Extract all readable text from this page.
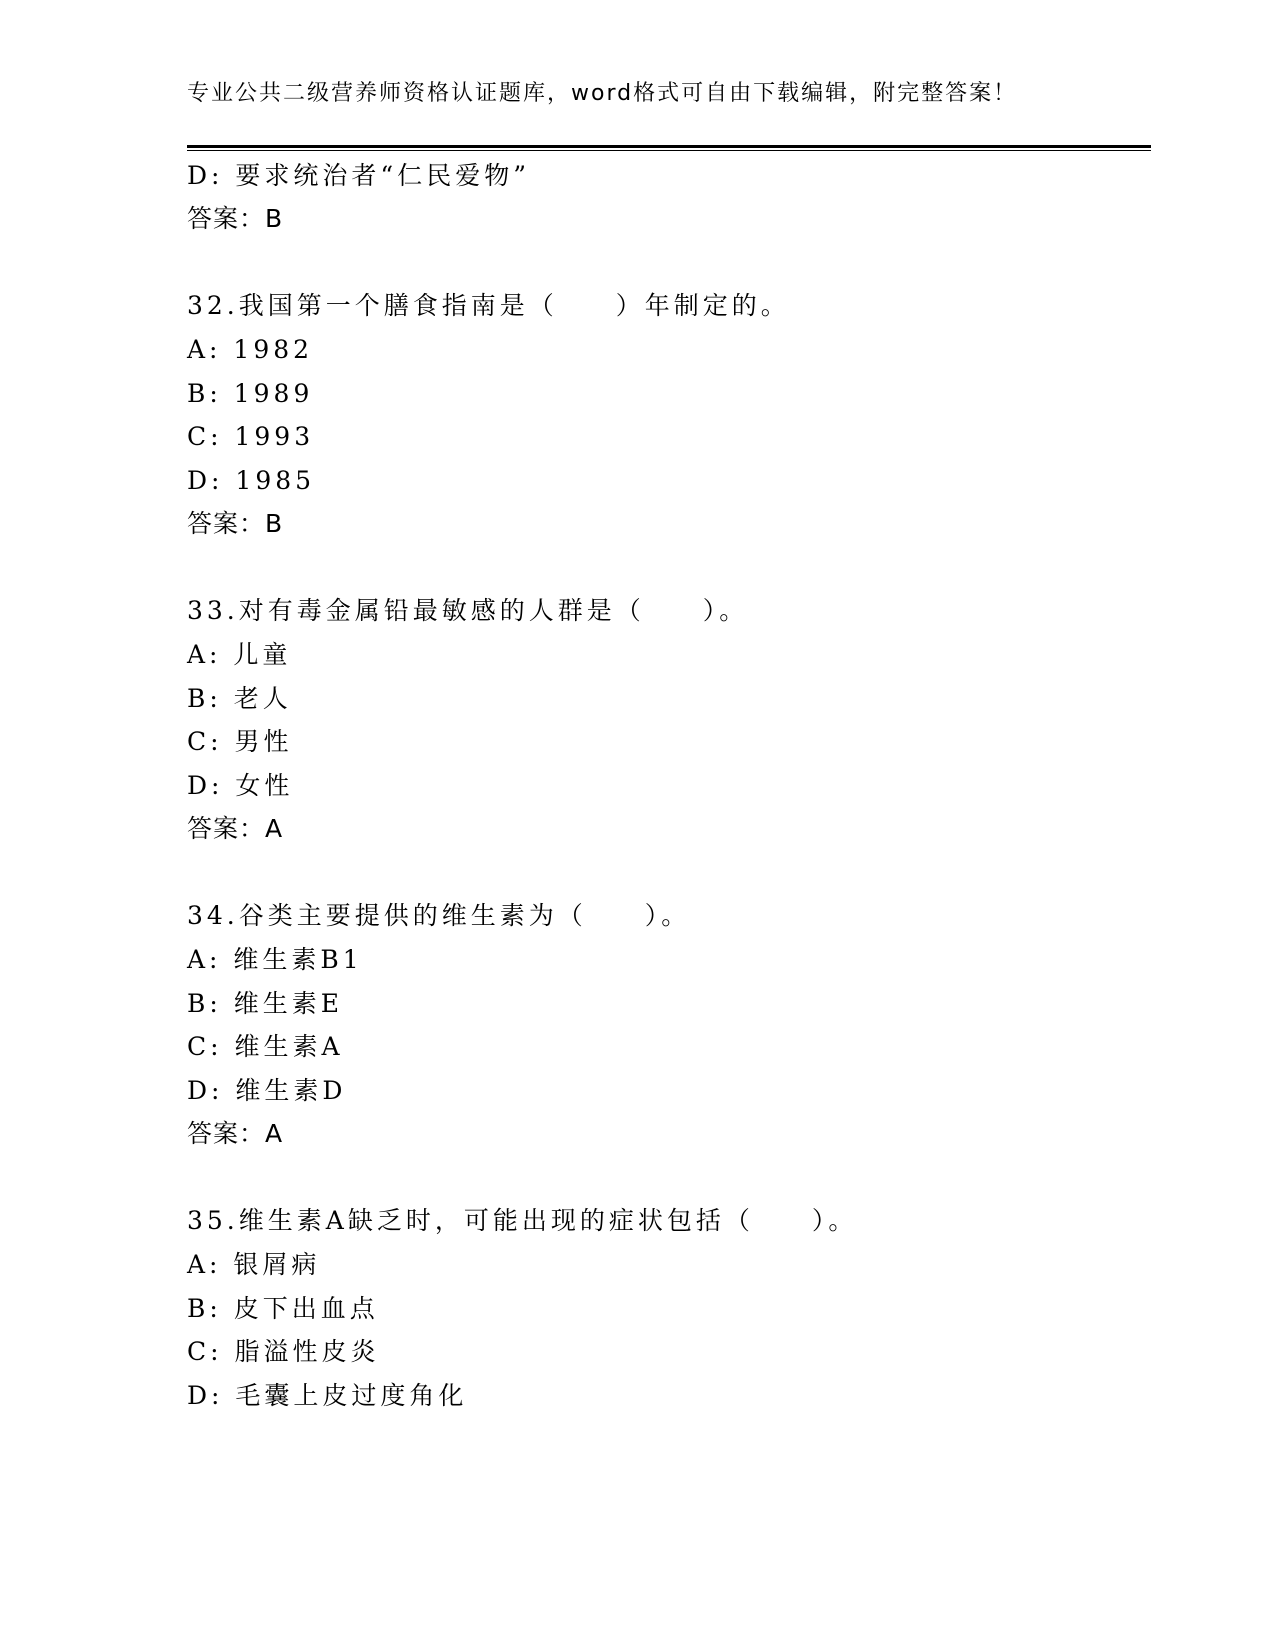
专业公共二级营养师资格认证题库，word格式可自由下载编辑，附完整答案！
D: 要求统治者“仁民爱物”
答案：B
32.我国第一个膳食指南是（　　）年制定的。
A: 1982
B: 1989
C: 1993
D: 1985
答案：B
33.对有毒金属铅最敏感的人群是（　　）。
A: 儿童
B: 老人
C: 男性
D: 女性
答案：A
34.谷类主要提供的维生素为（　　）。
A: 维生素B1
B: 维生素E
C: 维生素A
D: 维生素D
答案：A
35.维生素A缺乏时，可能出现的症状包括（　　）。
A: 银屑病
B: 皮下出血点
C: 脂溢性皮炎
D: 毛囊上皮过度角化
